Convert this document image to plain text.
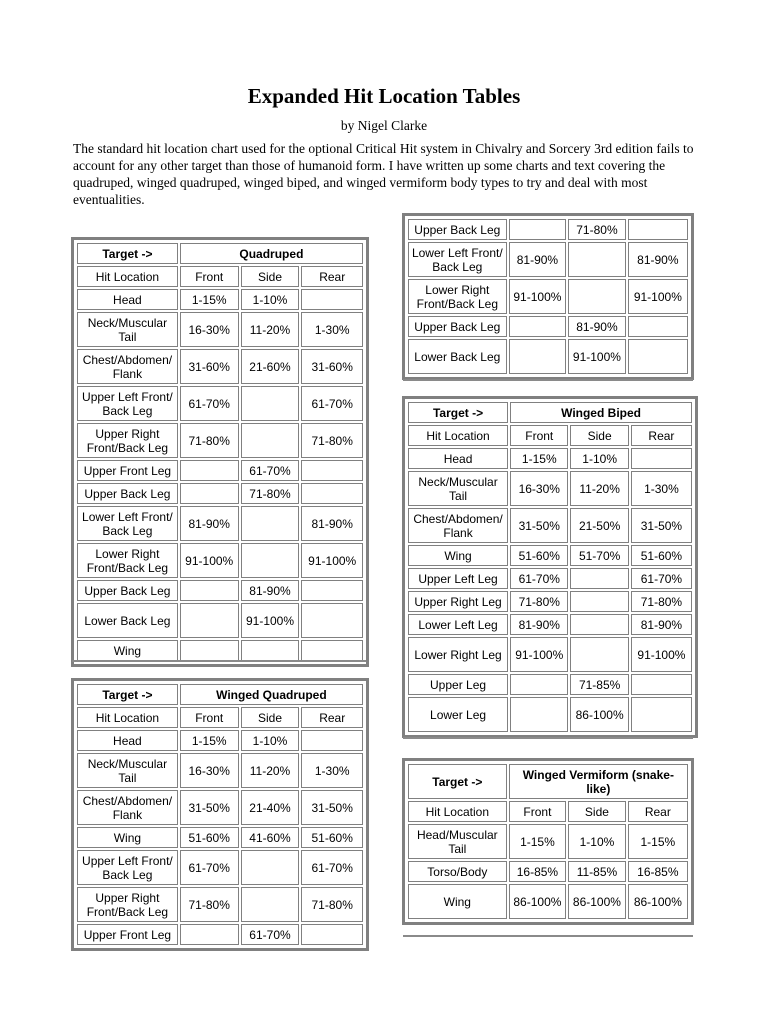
Expanded Hit Location Tables
by Nigel Clarke
The standard hit location chart used for the optional Critical Hit system in Chivalry and Sorcery 3rd edition fails to account for any other target than those of humanoid form. I have written up some charts and text covering the quadruped, winged quadruped, winged biped, and winged vermiform body types to try and deal with most eventualities.
Target ->	Quadruped		
Hit Location	Front	Side	Rear
Head	1-15%	1-10%	
Neck/Muscular Tail	16-30%	11-20%	1-30%
Chest/Abdomen/ Flank	31-60%	21-60%	31-60%
Upper Left Front/ Back Leg	61-70%		61-70%
Upper Right Front/Back Leg	71-80%		71-80%
Upper Front Leg		61-70%	
Upper Back Leg		71-80%	
Lower Left Front/ Back Leg	81-90%		81-90%
Lower Right Front/Back Leg	91-100%		91-100%
Upper Back Leg		81-90%	
Lower Back Leg		91-100%	
Wing			
Target ->	Winged Quadruped		
Hit Location	Front	Side	Rear
Head	1-15%	1-10%	
Neck/Muscular Tail	16-30%	11-20%	1-30%
Chest/Abdomen/ Flank	31-50%	21-40%	31-50%
Wing	51-60%	41-60%	51-60%
Upper Left Front/ Back Leg	61-70%		61-70%
Upper Right Front/Back Leg	71-80%		71-80%
Upper Front Leg		61-70%	
Upper Back Leg		71-80%	
Lower Left Front/ Back Leg	81-90%		81-90%
Lower Right Front/Back Leg	91-100%		91-100%
Upper Back Leg		81-90%	
Lower Back Leg		91-100%	
Target ->	Winged Biped		
Hit Location	Front	Side	Rear
Head	1-15%	1-10%	
Neck/Muscular Tail	16-30%	11-20%	1-30%
Chest/Abdomen/ Flank	31-50%	21-50%	31-50%
Wing	51-60%	51-70%	51-60%
Upper Left Leg	61-70%		61-70%
Upper Right Leg	71-80%		71-80%
Lower Left Leg	81-90%		81-90%
Lower Right Leg	91-100%		91-100%
Upper Leg		71-85%	
Lower Leg		86-100%	
Target ->	Winged Vermiform (snake-like)		
Hit Location	Front	Side	Rear
Head/Muscular Tail	1-15%	1-10%	1-15%
Torso/Body	16-85%	11-85%	16-85%
Wing	86-100%	86-100%	86-100%
